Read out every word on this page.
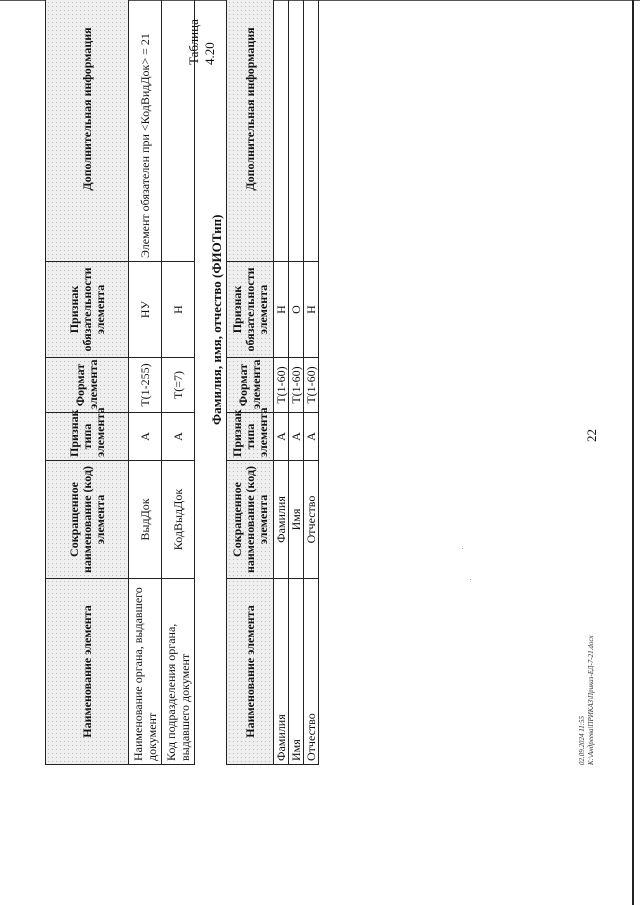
22
Наименование элемента	Сокращенное наименование (код) элемента	Признак типа элемента	Формат элемента	Признак обязательности элемента	Дополнительная информация
Наименование органа, выдавшего документ	ВыдДок	А	T(1-255)	НУ	Элемент обязателен при <КодВидДок> = 21
Код подразделения органа, выдавшего документ	КодВыдДок	А	T(=7)	Н	
Таблица 4.20
Фамилия, имя, отчество (ФИОТип)
Наименование элемента	Сокращенное наименование (код) элемента	Признак типа элемента	Формат элемента	Признак обязательности элемента	Дополнительная информация
Фамилия	Фамилия	А	T(1-60)	Н	
Имя	Имя	А	T(1-60)	О	
Отчество	Отчество	А	T(1-60)	Н	
02.09.2024 11:55 K:\Андреева\ПРИКАЗ\Приказ-ЕД-7-21.docx
